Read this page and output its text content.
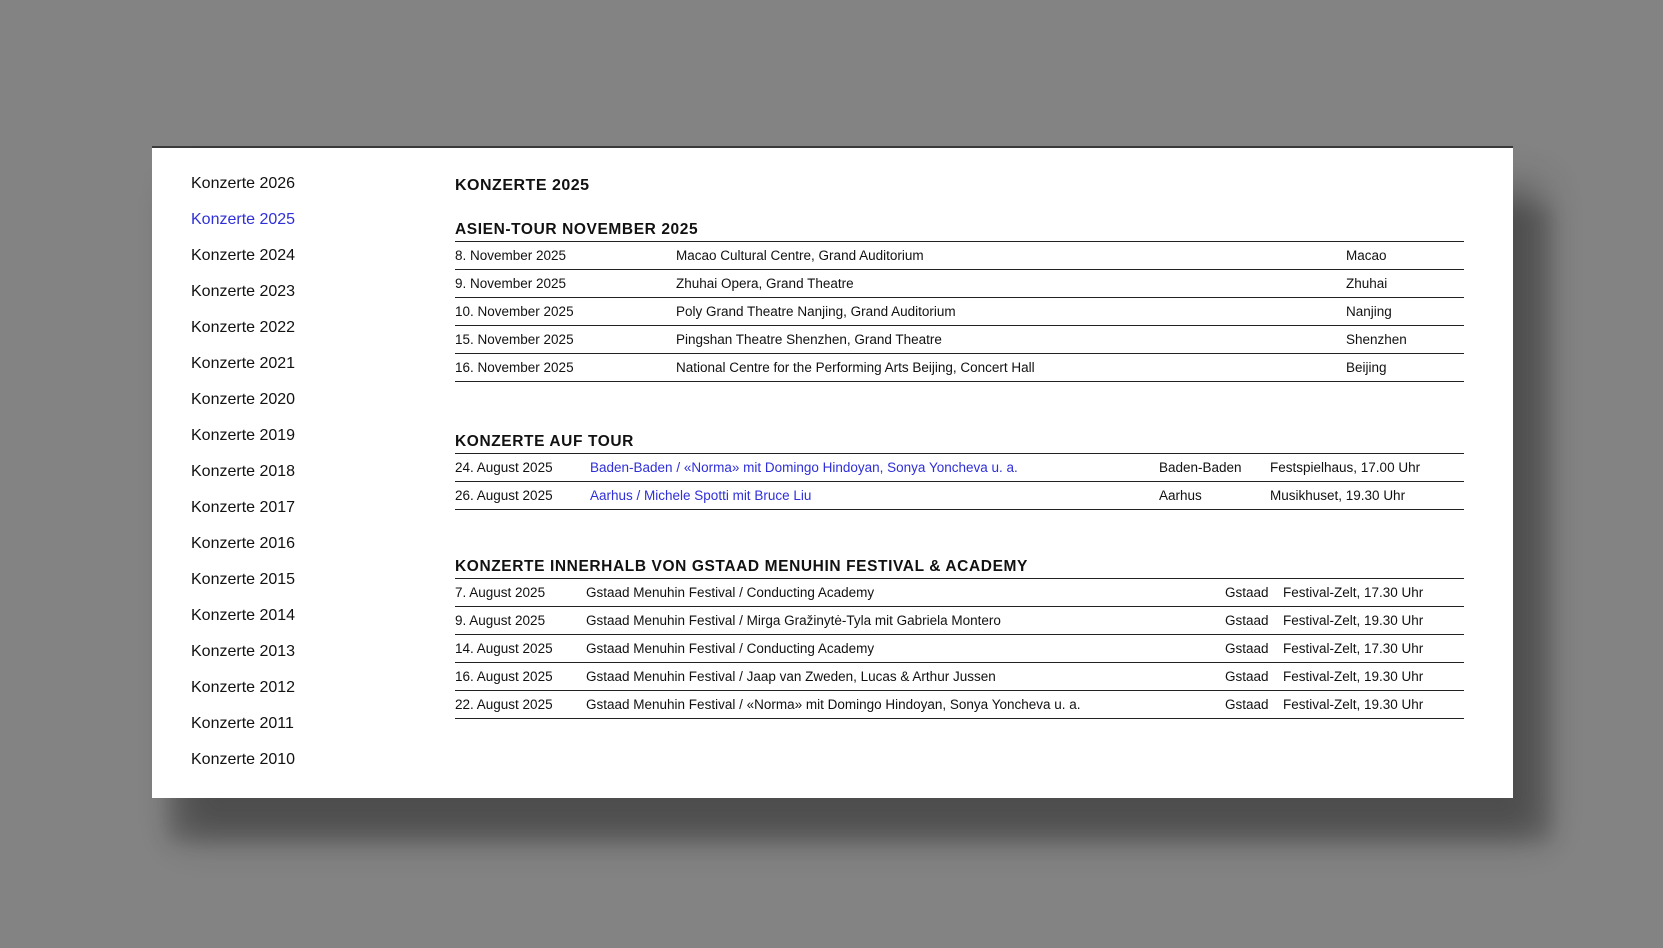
Konzerte 2026
Konzerte 2025
Konzerte 2024
Konzerte 2023
Konzerte 2022
Konzerte 2021
Konzerte 2020
Konzerte 2019
Konzerte 2018
Konzerte 2017
Konzerte 2016
Konzerte 2015
Konzerte 2014
Konzerte 2013
Konzerte 2012
Konzerte 2011
Konzerte 2010
KONZERTE 2025
ASIEN-TOUR NOVEMBER 2025
8. November 2025	Macao Cultural Centre, Grand Auditorium	Macao
9. November 2025	Zhuhai Opera, Grand Theatre	Zhuhai
10. November 2025	Poly Grand Theatre Nanjing, Grand Auditorium	Nanjing
15. November 2025	Pingshan Theatre Shenzhen, Grand Theatre	Shenzhen
16. November 2025	National Centre for the Performing Arts Beijing, Concert Hall	Beijing
KONZERTE AUF TOUR
24. August 2025	Baden-Baden / «Norma» mit Domingo Hindoyan, Sonya Yoncheva u. a.	Baden-Baden	Festspielhaus, 17.00 Uhr
26. August 2025	Aarhus / Michele Spotti mit Bruce Liu	Aarhus	Musikhuset, 19.30 Uhr
KONZERTE INNERHALB VON GSTAAD MENUHIN FESTIVAL & ACADEMY
7. August 2025	Gstaad Menuhin Festival / Conducting Academy	Gstaad	Festival-Zelt, 17.30 Uhr
9. August 2025	Gstaad Menuhin Festival / Mirga Gražinytė-Tyla mit Gabriela Montero	Gstaad	Festival-Zelt, 19.30 Uhr
14. August 2025	Gstaad Menuhin Festival / Conducting Academy	Gstaad	Festival-Zelt, 17.30 Uhr
16. August 2025	Gstaad Menuhin Festival / Jaap van Zweden, Lucas & Arthur Jussen	Gstaad	Festival-Zelt, 19.30 Uhr
22. August 2025	Gstaad Menuhin Festival / «Norma» mit Domingo Hindoyan, Sonya Yoncheva u. a.	Gstaad	Festival-Zelt, 19.30 Uhr
